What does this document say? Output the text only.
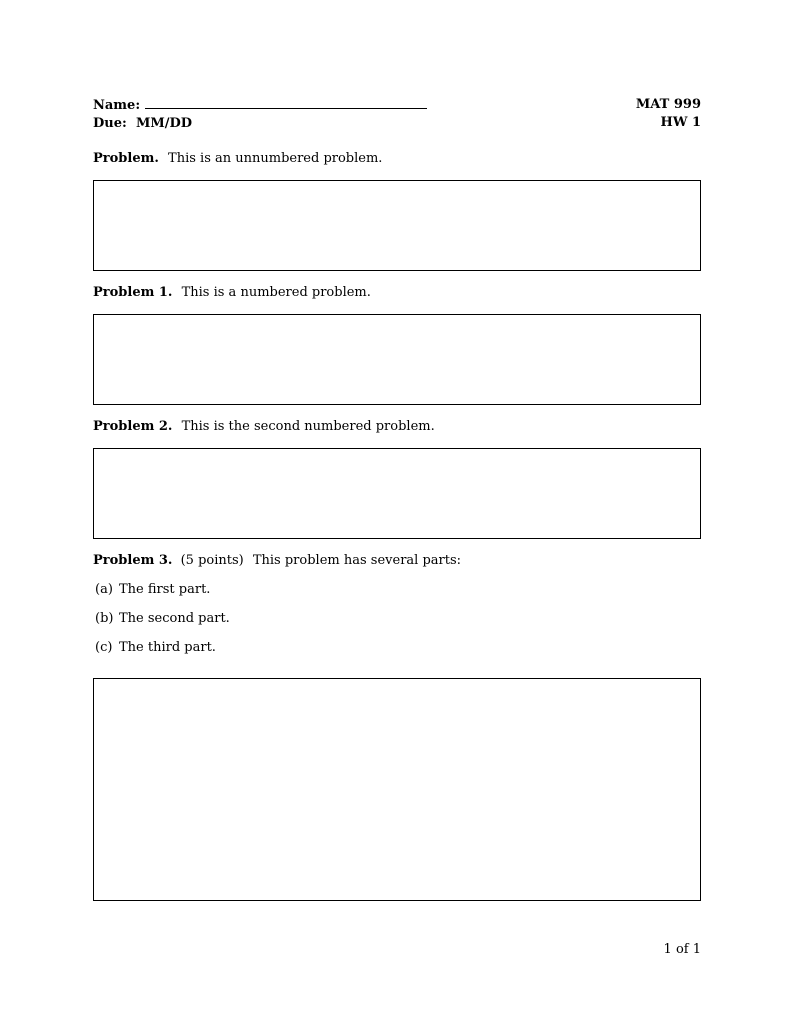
Name:
Due: MM/DD
MAT 999
HW 1
Problem. This is an unnumbered problem.
Problem 1. This is a numbered problem.
Problem 2. This is the second numbered problem.
Problem 3. (5 points) This problem has several parts:
(a) The first part.
(b) The second part.
(c) The third part.
1 of 1
